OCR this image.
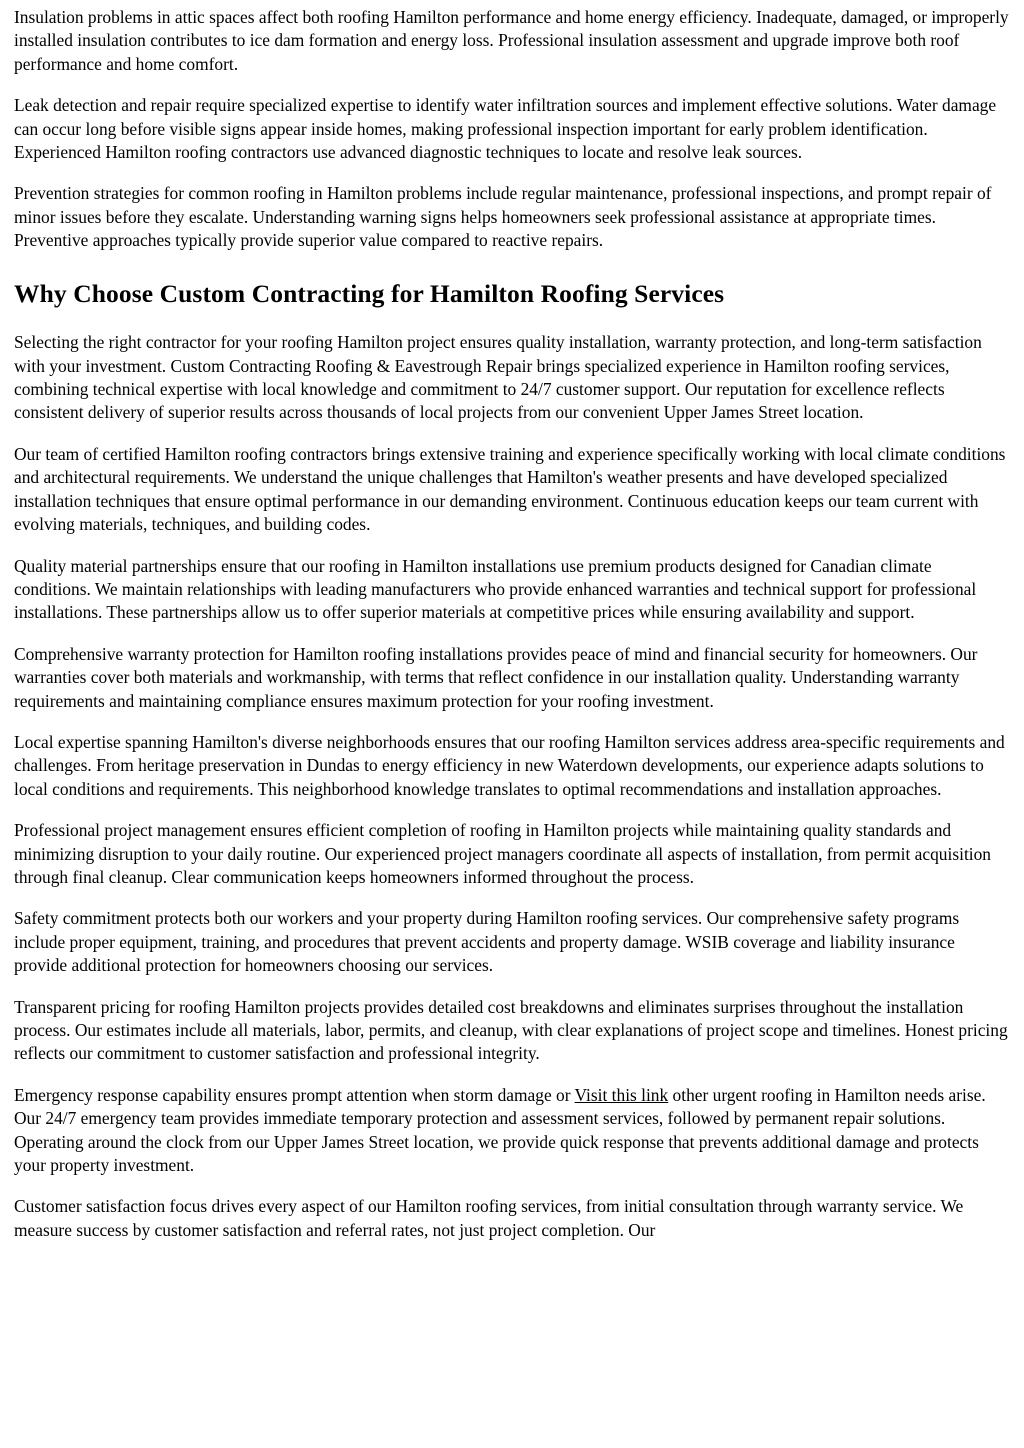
Insulation problems in attic spaces affect both roofing Hamilton performance and home energy efficiency. Inadequate, damaged, or improperly installed insulation contributes to ice dam formation and energy loss. Professional insulation assessment and upgrade improve both roof performance and home comfort.

Leak detection and repair require specialized expertise to identify water infiltration sources and implement effective solutions. Water damage can occur long before visible signs appear inside homes, making professional inspection important for early problem identification. Experienced Hamilton roofing contractors use advanced diagnostic techniques to locate and resolve leak sources.

Prevention strategies for common roofing in Hamilton problems include regular maintenance, professional inspections, and prompt repair of minor issues before they escalate. Understanding warning signs helps homeowners seek professional assistance at appropriate times. Preventive approaches typically provide superior value compared to reactive repairs.

Why Choose Custom Contracting for Hamilton Roofing Services

Selecting the right contractor for your roofing Hamilton project ensures quality installation, warranty protection, and long-term satisfaction with your investment. Custom Contracting Roofing & Eavestrough Repair brings specialized experience in Hamilton roofing services, combining technical expertise with local knowledge and commitment to 24/7 customer support. Our reputation for excellence reflects consistent delivery of superior results across thousands of local projects from our convenient Upper James Street location.

Our team of certified Hamilton roofing contractors brings extensive training and experience specifically working with local climate conditions and architectural requirements. We understand the unique challenges that Hamilton's weather presents and have developed specialized installation techniques that ensure optimal performance in our demanding environment. Continuous education keeps our team current with evolving materials, techniques, and building codes.

Quality material partnerships ensure that our roofing in Hamilton installations use premium products designed for Canadian climate conditions. We maintain relationships with leading manufacturers who provide enhanced warranties and technical support for professional installations. These partnerships allow us to offer superior materials at competitive prices while ensuring availability and support.

Comprehensive warranty protection for Hamilton roofing installations provides peace of mind and financial security for homeowners. Our warranties cover both materials and workmanship, with terms that reflect confidence in our installation quality. Understanding warranty requirements and maintaining compliance ensures maximum protection for your roofing investment.

Local expertise spanning Hamilton's diverse neighborhoods ensures that our roofing Hamilton services address area-specific requirements and challenges. From heritage preservation in Dundas to energy efficiency in new Waterdown developments, our experience adapts solutions to local conditions and requirements. This neighborhood knowledge translates to optimal recommendations and installation approaches.

Professional project management ensures efficient completion of roofing in Hamilton projects while maintaining quality standards and minimizing disruption to your daily routine. Our experienced project managers coordinate all aspects of installation, from permit acquisition through final cleanup. Clear communication keeps homeowners informed throughout the process.

Safety commitment protects both our workers and your property during Hamilton roofing services. Our comprehensive safety programs include proper equipment, training, and procedures that prevent accidents and property damage. WSIB coverage and liability insurance provide additional protection for homeowners choosing our services.

Transparent pricing for roofing Hamilton projects provides detailed cost breakdowns and eliminates surprises throughout the installation process. Our estimates include all materials, labor, permits, and cleanup, with clear explanations of project scope and timelines. Honest pricing reflects our commitment to customer satisfaction and professional integrity.

Emergency response capability ensures prompt attention when storm damage or Visit this link other urgent roofing in Hamilton needs arise. Our 24/7 emergency team provides immediate temporary protection and assessment services, followed by permanent repair solutions. Operating around the clock from our Upper James Street location, we provide quick response that prevents additional damage and protects your property investment.

Customer satisfaction focus drives every aspect of our Hamilton roofing services, from initial consultation through warranty service. We measure success by customer satisfaction and referral rates, not just project completion. Our
